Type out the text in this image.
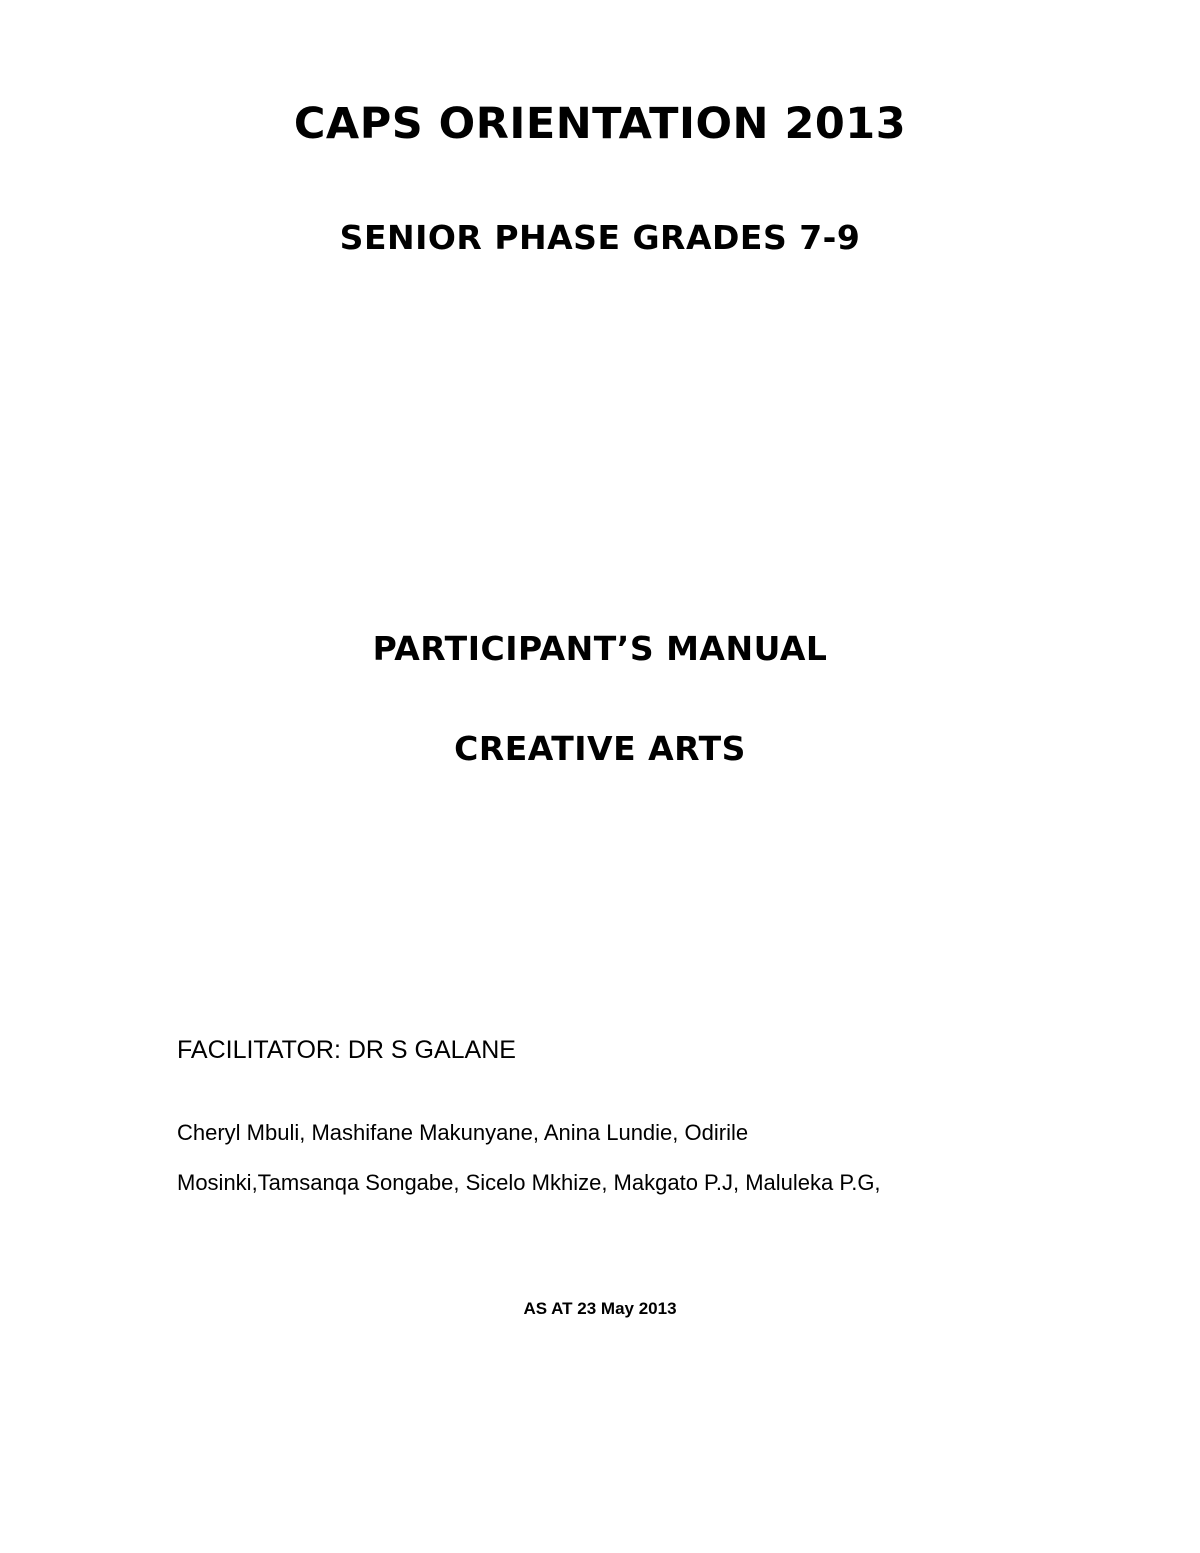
CAPS ORIENTATION 2013
SENIOR PHASE GRADES 7-9
PARTICIPANT’S MANUAL
CREATIVE ARTS
FACILITATOR: DR S GALANE
Cheryl Mbuli, Mashifane Makunyane, Anina Lundie, Odirile
Mosinki,Tamsanqa Songabe, Sicelo Mkhize, Makgato P.J, Maluleka P.G,
AS AT 23 May 2013
